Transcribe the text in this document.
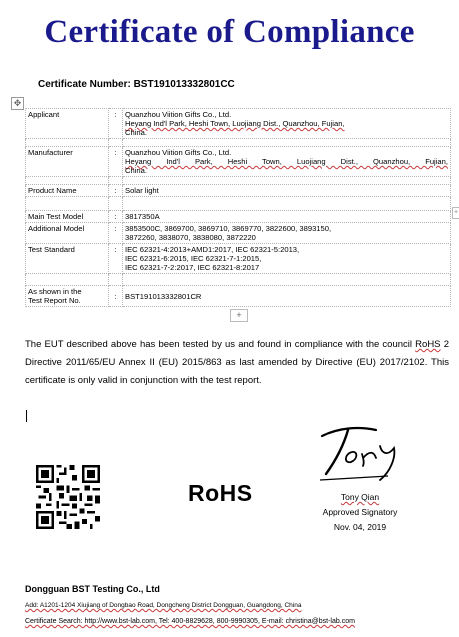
Certificate of Compliance
Certificate Number: BST191013332801CC
✥
Applicant	:	Quanzhou Viition Gifts Co., Ltd.
Heyang Ind'l Park, Heshi Town, Luojiang Dist., Quanzhou, Fujian,
China.

Manufacturer	:	Quanzhou Viition Gifts Co., Ltd.
Heyang Ind'l Park, Heshi Town, Luojiang Dist., Quanzhou, Fujian,
China.

Product Name	:	Solar light

Main Test Model	:	3817350A
Additional Model	:	3853500C, 3869700, 3869710, 3869770, 3822600, 3893150,
3872260, 3838070, 3838080, 3872220

Test Standard	:	IEC 62321-4:2013+AMD1:2017, IEC 62321-5:2013,
IEC 62321-6:2015, IEC 62321-7-1:2015,
IEC 62321-7-2:2017, IEC 62321-8:2017

As shown in the
Test Report No.	:	BST191013332801CR
+
+
The EUT described above has been tested by us and found in compliance with the council RoHS 2 Directive 2011/65/EU Annex II (EU) 2015/863 as last amended by Directive (EU) 2017/2102. This certificate is only valid in conjunction with the test report.
RoHS	Tony Qian
Approved Signatory
Nov. 04, 2019
Dongguan BST Testing Co., Ltd
Add: A1201-1204 Xiujiang of Dongbao Road, Dongcheng District Dongguan, Guangdong, China
Certificate Search: http://www.bst-lab.com, Tel: 400-8829628, 800-9990305, E-mail: christina@bst-lab.com
